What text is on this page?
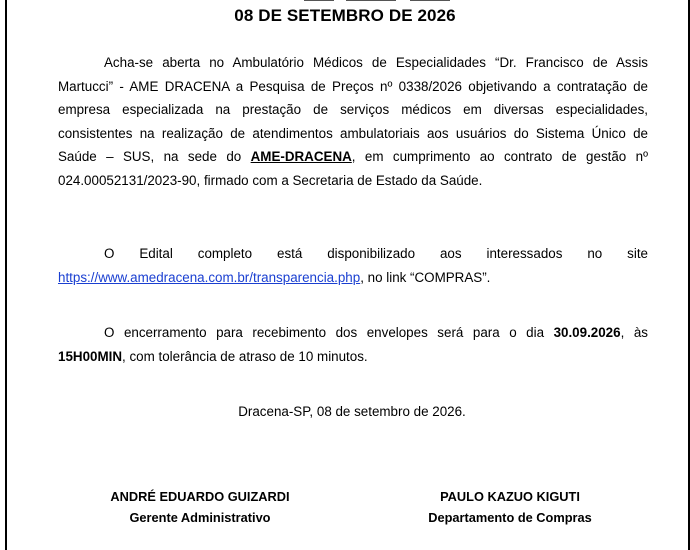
08 DE SETEMBRO DE 2026

Acha-se aberta no Ambulatório Médicos de Especialidades “Dr. Francisco de Assis Martucci” - AME DRACENA a Pesquisa de Preços nº 0338/2026 objetivando a contratação de empresa especializada na prestação de serviços médicos em diversas especialidades, consistentes na realização de atendimentos ambulatoriais aos usuários do Sistema Único de Saúde – SUS, na sede do AME-DRACENA, em cumprimento ao contrato de gestão nº 024.00052131/2023-90, firmado com a Secretaria de Estado da Saúde.

O Edital completo está disponibilizado aos interessados no site https://www.amedracena.com.br/transparencia.php, no link “COMPRAS”.

O encerramento para recebimento dos envelopes será para o dia 30.09.2026, às 15H00MIN, com tolerância de atraso de 10 minutos.

Dracena-SP, 08 de setembro de 2026.
ANDRÉ EDUARDO GUIZARDI
Gerente Administrativo
PAULO KAZUO KIGUTI
Departamento de Compras
